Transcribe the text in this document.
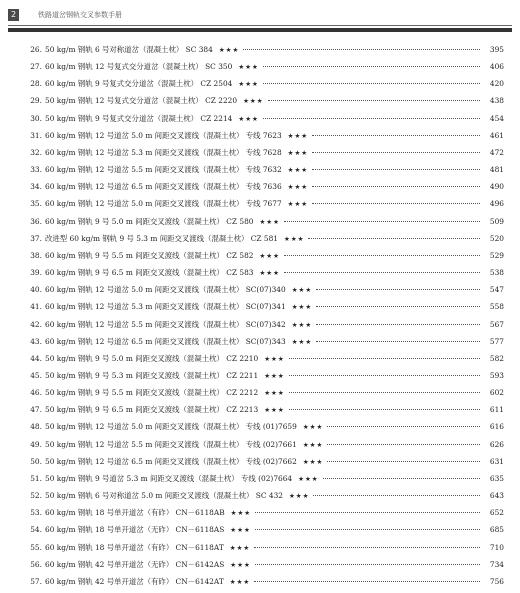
2	铁路道岔钢轨交叉参数手册
26. 50 kg/m 钢轨 6 号对称道岔（混凝土枕） SC 384 ★★★	395
27. 60 kg/m 钢轨 12 号复式交分道岔（混凝土枕） SC 350 ★★★	406
28. 60 kg/m 钢轨 9 号复式交分道岔（混凝土枕） CZ 2504 ★★★	420
29. 50 kg/m 钢轨 12 号复式交分道岔（混凝土枕） CZ 2220 ★★★	438
30. 50 kg/m 钢轨 9 号复式交分道岔（混凝土枕） CZ 2214 ★★★	454
31. 60 kg/m 钢轨 12 号道岔 5.0 m 间距交叉渡线（混凝土枕） 专线 7623 ★★★	461
32. 60 kg/m 钢轨 12 号道岔 5.3 m 间距交叉渡线（混凝土枕） 专线 7628 ★★★	472
33. 60 kg/m 钢轨 12 号道岔 5.5 m 间距交叉渡线（混凝土枕） 专线 7632 ★★★	481
34. 60 kg/m 钢轨 12 号道岔 6.5 m 间距交叉渡线（混凝土枕） 专线 7636 ★★★	490
35. 60 kg/m 钢轨 12 号道岔 5.0 m 间距交叉渡线（混凝土枕） 专线 7677 ★★★	496
36. 60 kg/m 钢轨 9 号 5.0 m 间距交叉渡线（混凝土枕） CZ 580 ★★★	509
37. 改进型 60 kg/m 钢轨 9 号 5.3 m 间距交叉渡线（混凝土枕） CZ 581 ★★★	520
38. 60 kg/m 钢轨 9 号 5.5 m 间距交叉渡线（混凝土枕） CZ 582 ★★★	529
39. 60 kg/m 钢轨 9 号 6.5 m 间距交叉渡线（混凝土枕） CZ 583 ★★★	538
40. 60 kg/m 钢轨 12 号道岔 5.0 m 间距交叉渡线（混凝土枕） SC(07)340 ★★★	547
41. 60 kg/m 钢轨 12 号道岔 5.3 m 间距交叉渡线（混凝土枕） SC(07)341 ★★★	558
42. 60 kg/m 钢轨 12 号道岔 5.5 m 间距交叉渡线（混凝土枕） SC(07)342 ★★★	567
43. 60 kg/m 钢轨 12 号道岔 6.5 m 间距交叉渡线（混凝土枕） SC(07)343 ★★★	577
44. 50 kg/m 钢轨 9 号 5.0 m 间距交叉渡线（混凝土枕） CZ 2210 ★★★	582
45. 50 kg/m 钢轨 9 号 5.3 m 间距交叉渡线（混凝土枕） CZ 2211 ★★★	593
46. 50 kg/m 钢轨 9 号 5.5 m 间距交叉渡线（混凝土枕） CZ 2212 ★★★	602
47. 50 kg/m 钢轨 9 号 6.5 m 间距交叉渡线（混凝土枕） CZ 2213 ★★★	611
48. 50 kg/m 钢轨 12 号道岔 5.0 m 间距交叉渡线（混凝土枕） 专线 (01)7659 ★★★	616
49. 50 kg/m 钢轨 12 号道岔 5.5 m 间距交叉渡线（混凝土枕） 专线 (02)7661 ★★★	626
50. 50 kg/m 钢轨 12 号道岔 6.5 m 间距交叉渡线（混凝土枕） 专线 (02)7662 ★★★	631
51. 50 kg/m 钢轨 9 号道岔 5.3 m 间距交叉渡线（混凝土枕） 专线 (02)7664 ★★★	635
52. 50 kg/m 钢轨 6 号对称道岔 5.0 m 间距交叉渡线（混凝土枕） SC 432 ★★★	643
53. 60 kg/m 钢轨 18 号单开道岔（有砟） CN－6118AB ★★★	652
54. 60 kg/m 钢轨 18 号单开道岔（无砟） CN－6118AS ★★★	685
55. 60 kg/m 钢轨 18 号单开道岔（有砟） CN－6118AT ★★★	710
56. 60 kg/m 钢轨 42 号单开道岔（无砟） CN－6142AS ★★★	734
57. 60 kg/m 钢轨 42 号单开道岔（有砟） CN－6142AT ★★★	756
